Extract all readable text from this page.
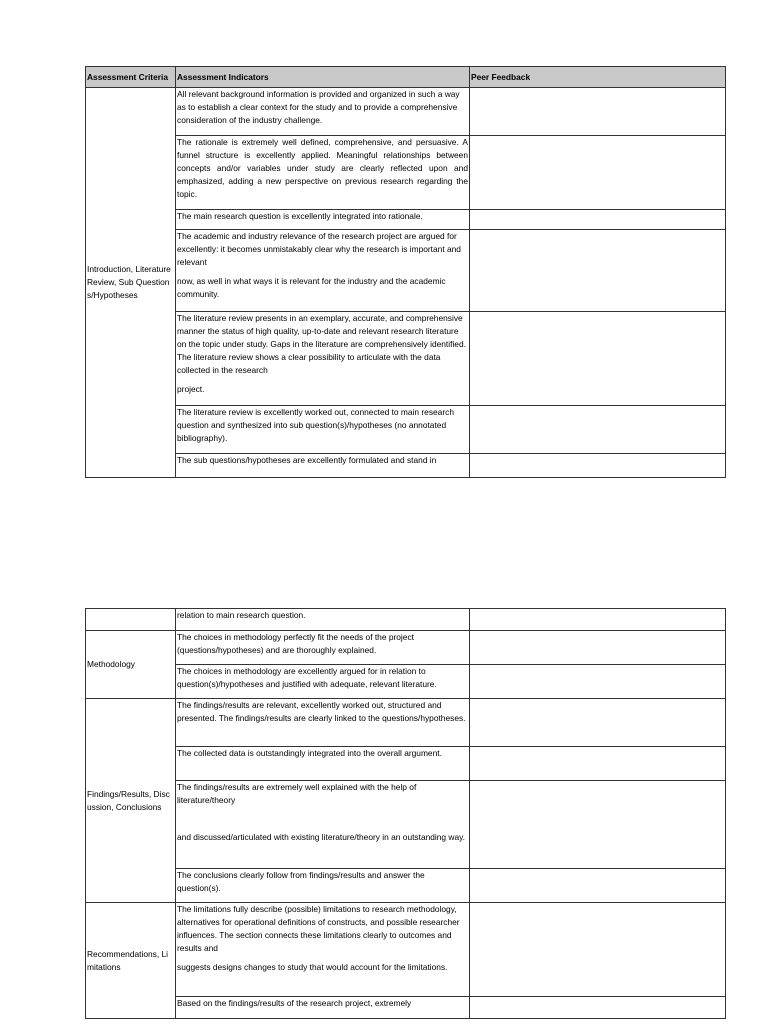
Assessment Criteria	Assessment Indicators	Peer Feedback
Introduction, Literature Review, Sub Questions/Hypotheses	All relevant background information is provided and organized in such a way as to establish a clear context for the study and to provide a comprehensive consideration of the industry challenge.	
	The rationale is extremely well defined, comprehensive, and persuasive. A funnel structure is excellently applied. Meaningful relationships between concepts and/or variables under study are clearly reflected upon and emphasized, adding a new perspective on previous research regarding the topic.	
	The main research question is excellently integrated into rationale.	

	The academic and industry relevance of the research project are argued for excellently: it becomes unmistakably clear why the research is important and relevant
now, as well in what ways it is relevant for the industry and the academic community.	

	The literature review presents in an exemplary, accurate, and comprehensive manner the status of high quality, up-to-date and relevant research literature on the topic under study. Gaps in the literature are comprehensively identified. The literature review shows a clear possibility to articulate with the data collected in the research
project.	

	The literature review is excellently worked out, connected to main research question and synthesized into sub question(s)/hypotheses (no annotated bibliography).	
	The sub questions/hypotheses are excellently formulated and stand in	
	relation to main research question.	
Methodology	The choices in methodology perfectly fit the needs of the project (questions/hypotheses) and are thoroughly explained.	
	The choices in methodology are excellently argued for in relation to question(s)/hypotheses and justified with adequate, relevant literature.	
Findings/Results, Discussion, Conclusions	The findings/results are relevant, excellently worked out, structured and presented. The findings/results are clearly linked to the questions/hypotheses.	
	The collected data is outstandingly integrated into the overall argument.	

	The findings/results are extremely well explained with the help of literature/theory
and discussed/articulated with existing literature/theory in an outstanding way.	

	The conclusions clearly follow from findings/results and answer the question(s).	
Recommendations, Limitations	The limitations fully describe (possible) limitations to research methodology, alternatives for operational definitions of constructs, and possible researcher influences. The section connects these limitations clearly to outcomes and results and
suggests designs changes to study that would account for the limitations.	

	Based on the findings/results of the research project, extremely	
